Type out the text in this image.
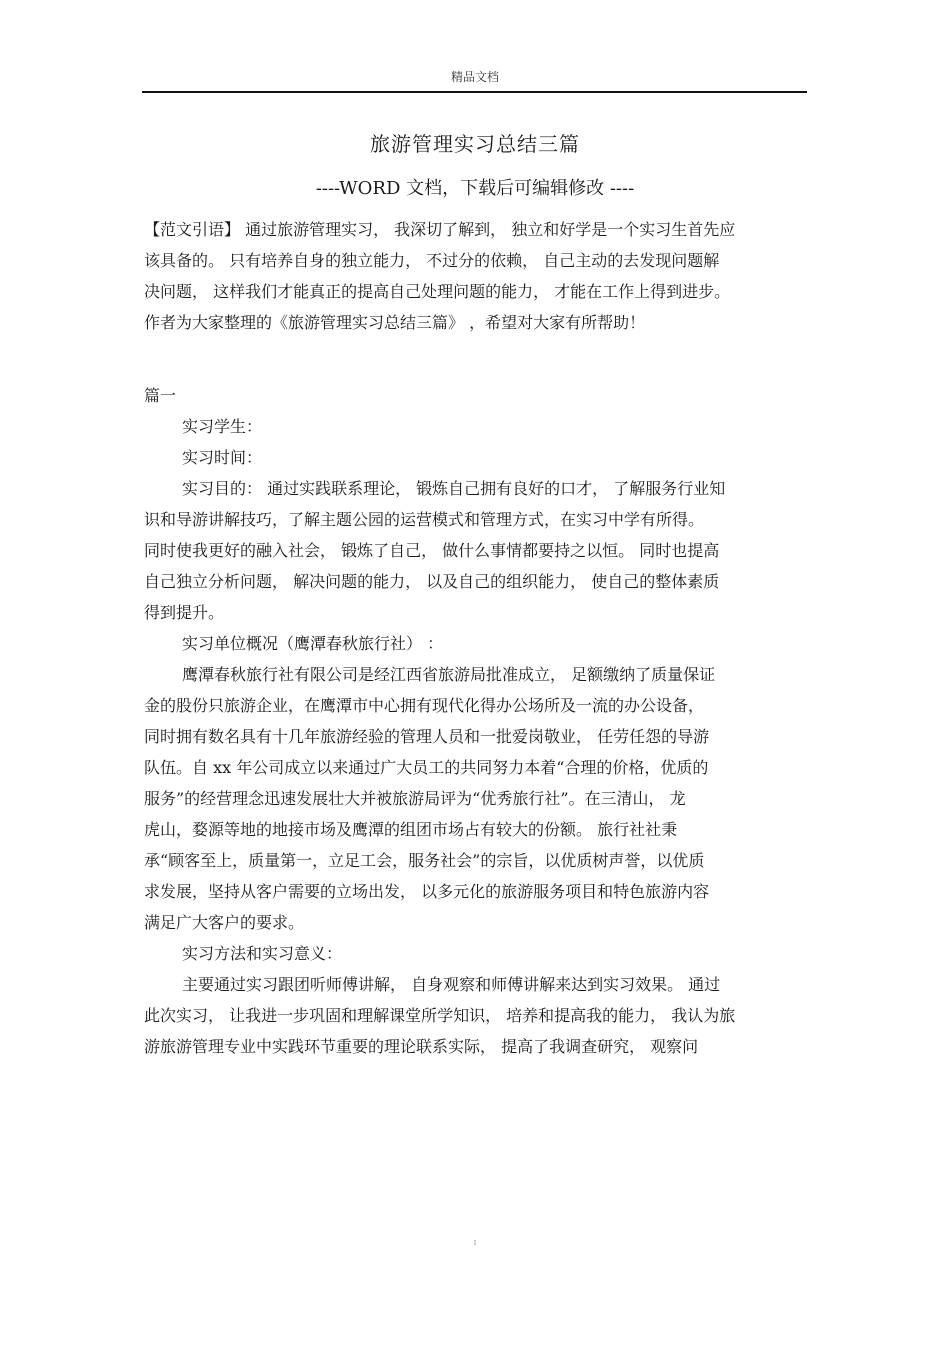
精品文档
旅游管理实习总结三篇
----WORD 文档，下载后可编辑修改 ----

【范文引语】 通过旅游管理实习， 我深切了解到， 独立和好学是一个实习生首先应

该具备的。 只有培养自身的独立能力， 不过分的依赖， 自己主动的去发现问题解

决问题， 这样我们才能真正的提高自己处理问题的能力， 才能在工作上得到进步。

作者为大家整理的《旅游管理实习总结三篇》 ，希望对大家有所帮助！

篇一

实习学生：

实习时间：

实习目的： 通过实践联系理论， 锻炼自己拥有良好的口才， 了解服务行业知

识和导游讲解技巧，了解主题公园的运营模式和管理方式，在实习中学有所得。

同时使我更好的融入社会， 锻炼了自己， 做什么事情都要持之以恒。 同时也提高

自己独立分析问题， 解决问题的能力， 以及自己的组织能力， 使自己的整体素质

得到提升。

实习单位概况（鹰潭春秋旅行社） ：

鹰潭春秋旅行社有限公司是经江西省旅游局批准成立， 足额缴纳了质量保证

金的股份只旅游企业，在鹰潭市中心拥有现代化得办公场所及一流的办公设备，

同时拥有数名具有十几年旅游经验的管理人员和一批爱岗敬业， 任劳任怨的导游

队伍。自 xx 年公司成立以来通过广大员工的共同努力本着“合理的价格，优质的

服务”的经营理念迅速发展壮大并被旅游局评为“优秀旅行社”。在三清山， 龙

虎山，婺源等地的地接市场及鹰潭的组团市场占有较大的份额。 旅行社社秉

承“顾客至上，质量第一，立足工会，服务社会”的宗旨，以优质树声誉，以优质

求发展，坚持从客户需要的立场出发， 以多元化的旅游服务项目和特色旅游内容

满足广大客户的要求。

实习方法和实习意义：

主要通过实习跟团听师傅讲解， 自身观察和师傅讲解来达到实习效果。 通过

此次实习， 让我进一步巩固和理解课堂所学知识， 培养和提高我的能力， 我认为旅

游旅游管理专业中实践环节重要的理论联系实际， 提高了我调查研究， 观察问

1
